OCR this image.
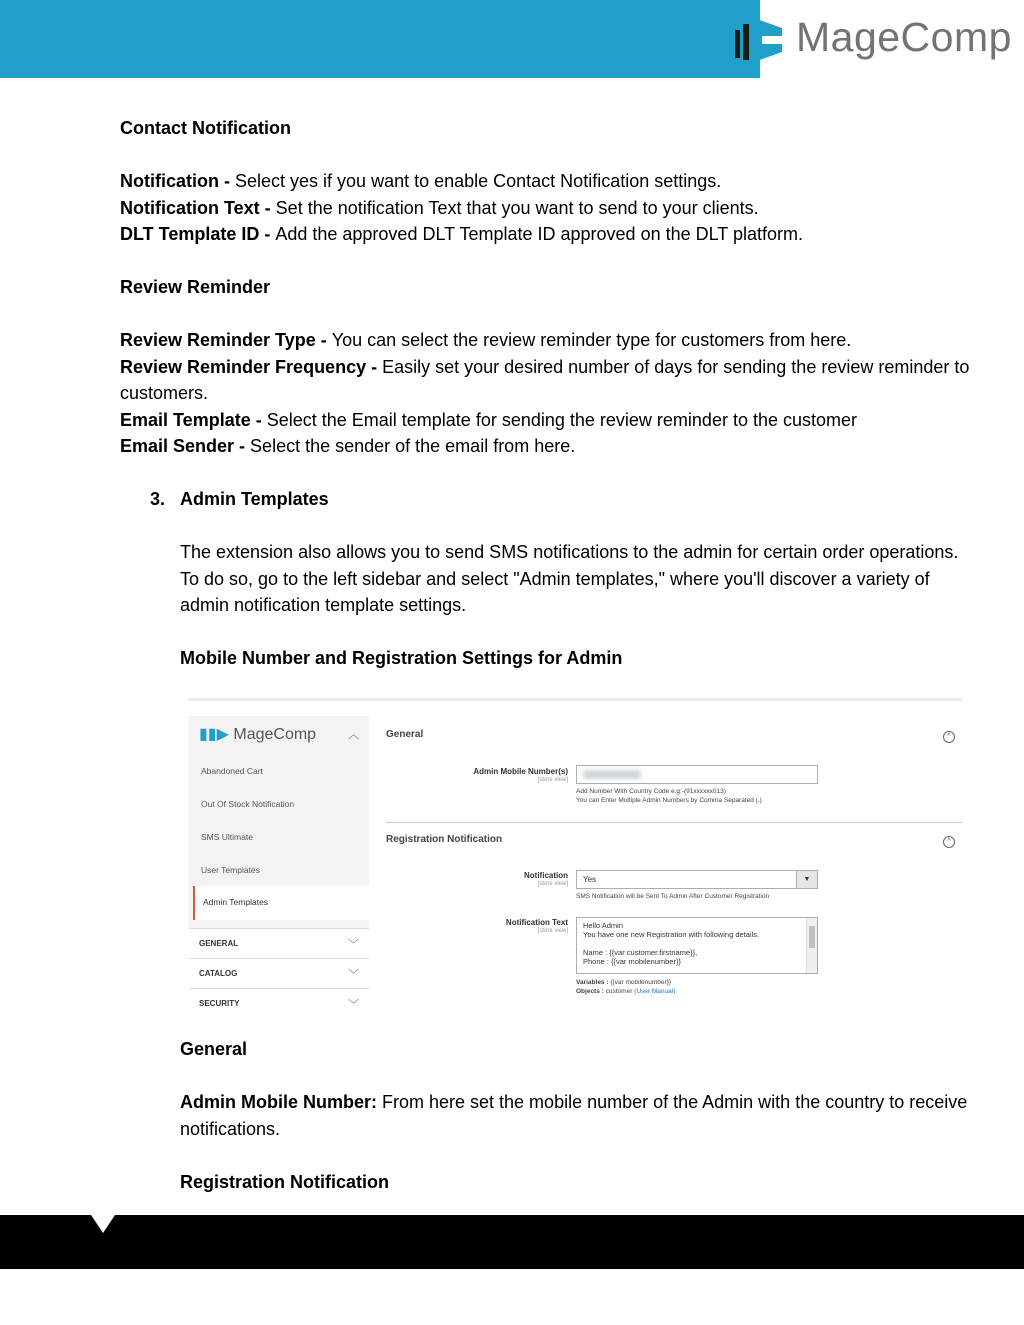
MageComp

Contact Notification

Notification - Select yes if you want to enable Contact Notification settings.

Notification Text - Set the notification Text that you want to send to your clients.

DLT Template ID - Add the approved DLT Template ID approved on the DLT platform.

Review Reminder

Review Reminder Type - You can select the review reminder type for customers from here.

Review Reminder Frequency - Easily set your desired number of days for sending the review reminder to customers.

Email Template - Select the Email template for sending the review reminder to the customer

Email Sender - Select the sender of the email from here.

3. Admin Templates

The extension also allows you to send SMS notifications to the admin for certain order operations. To do so, go to the left sidebar and select "Admin templates," where you'll discover a variety of admin notification template settings.

Mobile Number and Registration Settings for Admin

▮▮▶ MageComp	︿
Abandoned Cart
Out Of Stock Notification
SMS Ultimate
User Templates
Admin Templates
GENERAL	﹀
CATALOG	﹀
SECURITY	﹀
General	^
Admin Mobile Number(s)
[store view]
Add Number With Country Code e.g:-(91xxxxxx013)
You can Enter Multiple Admin Numbers by Comma Separated (,)
Registration Notification	^
Notification
[store view] Yes	▼
SMS Notification will be Sent To Admin After Customer Registration
Notification Text
[store view]
Hello Admin
You have one new Registration with following details.

Name : {{var customer.firstname}},
Phone : {{var mobilenumber}}
Variables : {{var mobilenumber}}
Objects : customer (User Manual)

General

Admin Mobile Number: From here set the mobile number of the Admin with the country to receive notifications.

Registration Notification
